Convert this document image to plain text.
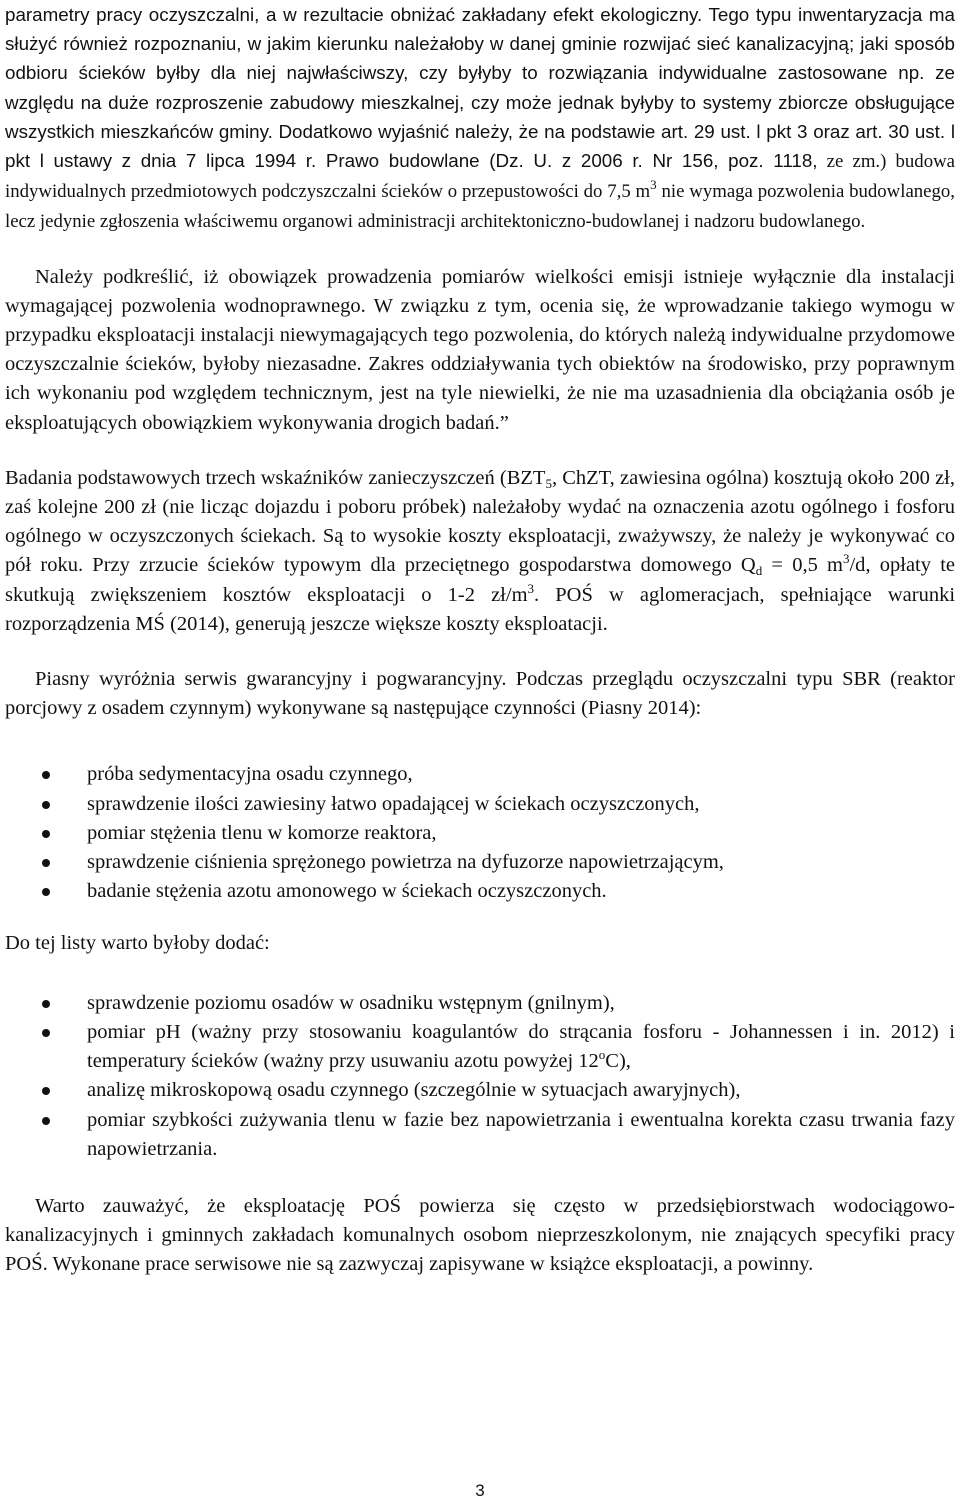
parametry pracy oczyszczalni, a w rezultacie obniżać zakładany efekt ekologiczny. Tego typu inwentaryzacja ma służyć również rozpoznaniu, w jakim kierunku należałoby w danej gminie rozwijać sieć kanalizacyjną; jaki sposób odbioru ścieków byłby dla niej najwłaściwszy, czy byłyby to rozwiązania indywidualne zastosowane np. ze względu na duże rozproszenie zabudowy mieszkalnej, czy może jednak byłyby to systemy zbiorcze obsługujące wszystkich mieszkańców gminy. Dodatkowo wyjaśnić należy, że na podstawie art. 29 ust. l pkt 3 oraz art. 30 ust. l pkt l ustawy z dnia 7 lipca 1994 r. Prawo budowlane (Dz. U. z 2006 r. Nr 156, poz. 1118, ze zm.) budowa indywidualnych przedmiotowych podczyszczalni ścieków o przepustowości do 7,5 $m^3$ nie wymaga pozwolenia budowlanego, lecz jedynie zgłoszenia właściwemu organowi administracji architektoniczno-budowlanej i nadzoru budowlanego.

Należy podkreślić, iż obowiązek prowadzenia pomiarów wielkości emisji istnieje wyłącznie dla instalacji wymagającej pozwolenia wodnoprawnego. W związku z tym, ocenia się, że wprowadzanie takiego wymogu w przypadku eksploatacji instalacji niewymagających tego pozwolenia, do których należą indywidualne przydomowe oczyszczalnie ścieków, byłoby niezasadne. Zakres oddziaływania tych obiektów na środowisko, przy poprawnym ich wykonaniu pod względem technicznym, jest na tyle niewielki, że nie ma uzasadnienia dla obciążania osób je eksploatujących obowiązkiem wykonywania drogich badań.”

Badania podstawowych trzech wskaźników zanieczyszczeń ($BZT_5$, ChZT, zawiesina ogólna) kosztują około 200 zł, zaś kolejne 200 zł (nie licząc dojazdu i poboru próbek) należałoby wydać na oznaczenia azotu ogólnego i fosforu ogólnego w oczyszczonych ściekach. Są to wysokie koszty eksploatacji, zważywszy, że należy je wykonywać co pół roku. Przy zrzucie ścieków typowym dla przeciętnego gospodarstwa domowego $Q_d = 0,5$ $m^3/d$, opłaty te skutkują zwiększeniem kosztów eksploatacji o 1-2 $zł/m^3$. POŚ w aglomeracjach, spełniające warunki rozporządzenia MŚ (2014), generują jeszcze większe koszty eksploatacji.

Piasny wyróżnia serwis gwarancyjny i pogwarancyjny. Podczas przeglądu oczyszczalni typu SBR (reaktor porcjowy z osadem czynnym) wykonywane są następujące czynności (Piasny 2014):

próba sedymentacyjna osadu czynnego,
sprawdzenie ilości zawiesiny łatwo opadającej w ściekach oczyszczonych,
pomiar stężenia tlenu w komorze reaktora,
sprawdzenie ciśnienia sprężonego powietrza na dyfuzorze napowietrzającym,
badanie stężenia azotu amonowego w ściekach oczyszczonych.

Do tej listy warto byłoby dodać:

sprawdzenie poziomu osadów w osadniku wstępnym (gnilnym),
pomiar pH (ważny przy stosowaniu koagulantów do strącania fosforu - Johannessen i in. 2012) i temperatury ścieków (ważny przy usuwaniu azotu powyżej 12$^o$C),
analizę mikroskopową osadu czynnego (szczególnie w sytuacjach awaryjnych),
pomiar szybkości zużywania tlenu w fazie bez napowietrzania i ewentualna korekta czasu trwania fazy napowietrzania.

Warto zauważyć, że eksploatację POŚ powierza się często w przedsiębiorstwach wodociągowo-kanalizacyjnych i gminnych zakładach komunalnych osobom nieprzeszkolonym, nie znających specyfiki pracy POŚ. Wykonane prace serwisowe nie są zazwyczaj zapisywane w książce eksploatacji, a powinny.

3
